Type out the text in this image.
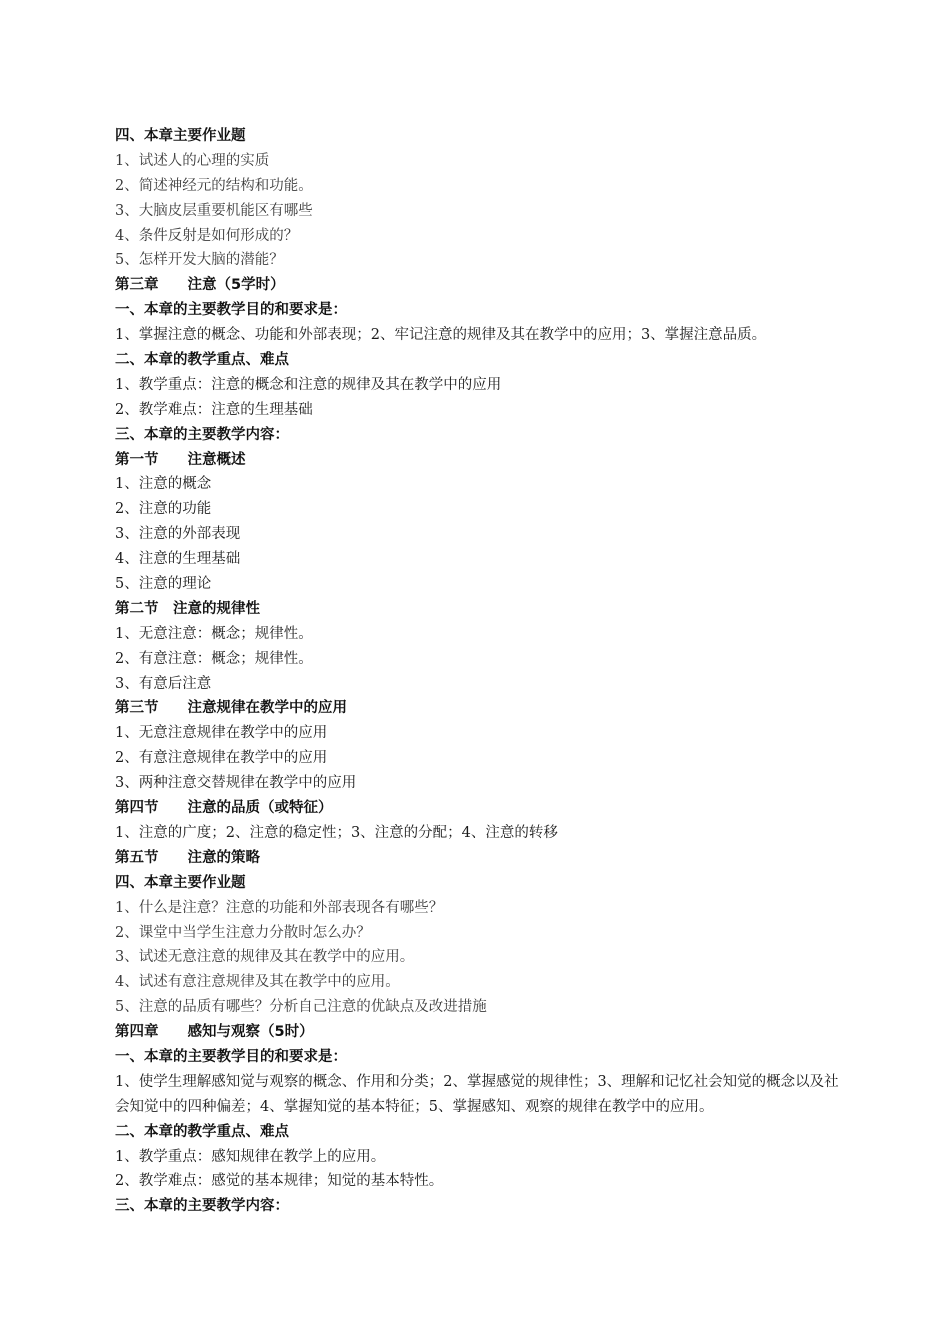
四、本章主要作业题
1、试述人的心理的实质
2、简述神经元的结构和功能。
3、大脑皮层重要机能区有哪些
4、条件反射是如何形成的？
5、怎样开发大脑的潜能？
第三章　　注意（5学时）
一、本章的主要教学目的和要求是：
1、掌握注意的概念、功能和外部表现；2、牢记注意的规律及其在教学中的应用；3、掌握注意品质。
二、本章的教学重点、难点
1、教学重点：注意的概念和注意的规律及其在教学中的应用
2、教学难点：注意的生理基础
三、本章的主要教学内容：
第一节　　注意概述
1、注意的概念
2、注意的功能
3、注意的外部表现
4、注意的生理基础
5、注意的理论
第二节　注意的规律性
1、无意注意：概念；规律性。
2、有意注意：概念；规律性。
3、有意后注意
第三节　　注意规律在教学中的应用
1、无意注意规律在教学中的应用
2、有意注意规律在教学中的应用
3、两种注意交替规律在教学中的应用
第四节　　注意的品质（或特征）
1、注意的广度；2、注意的稳定性；3、注意的分配；4、注意的转移
第五节　　注意的策略
四、本章主要作业题
1、什么是注意？注意的功能和外部表现各有哪些？
2、课堂中当学生注意力分散时怎么办？
3、试述无意注意的规律及其在教学中的应用。
4、试述有意注意规律及其在教学中的应用。
5、注意的品质有哪些？分析自己注意的优缺点及改进措施
第四章　　感知与观察（5时）
一、本章的主要教学目的和要求是：
1、使学生理解感知觉与观察的概念、作用和分类；2、掌握感觉的规律性；3、理解和记忆社会知觉的概念以及社会知觉中的四种偏差；4、掌握知觉的基本特征；5、掌握感知、观察的规律在教学中的应用。
二、本章的教学重点、难点
1、教学重点：感知规律在教学上的应用。
2、教学难点：感觉的基本规律；知觉的基本特性。
三、本章的主要教学内容：
